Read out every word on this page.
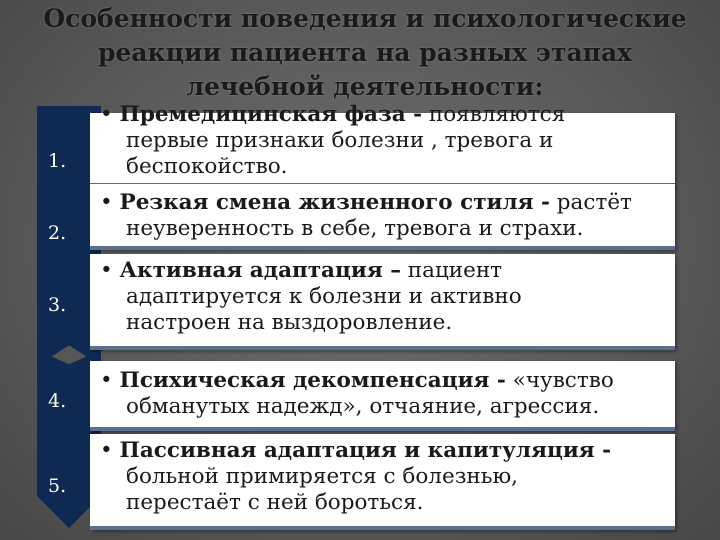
Особенности поведения и психологические
реакции пациента на разных этапах
лечебной деятельности:
1.
2.
3.
4.
5.
• Премедицинская фаза - появляются
первые признаки болезни , тревога и
беспокойство.
• Резкая смена жизненного стиля - растёт
неуверенность в себе, тревога и страхи.
• Активная адаптация – пациент
адаптируется к болезни и активно
настроен на выздоровление.
• Психическая декомпенсация - «чувство
обманутых надежд», отчаяние, агрессия.
• Пассивная адаптация и капитуляция -
больной примиряется с болезнью,
перестаёт с ней бороться.
